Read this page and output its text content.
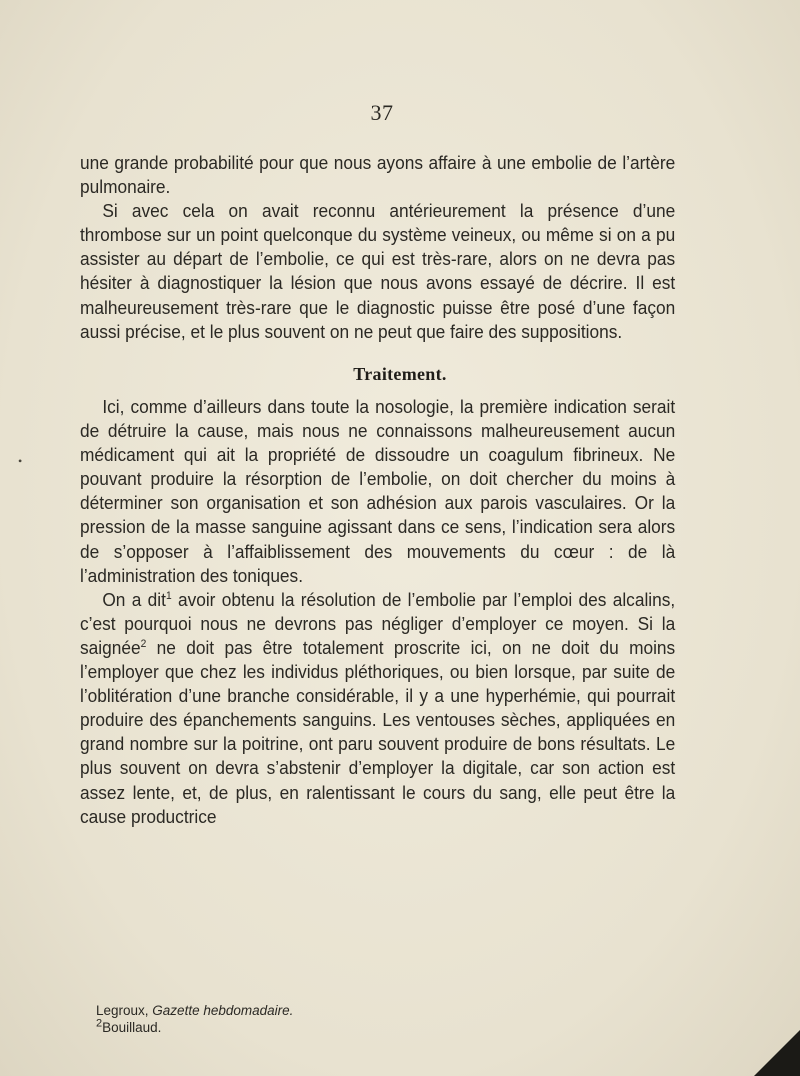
37

une grande probabilité pour que nous ayons affaire à une embolie de l’artère pulmonaire.

Si avec cela on avait reconnu antérieurement la présence d’une thrombose sur un point quelconque du système veineux, ou même si on a pu assister au départ de l’embolie, ce qui est très-rare, alors on ne devra pas hésiter à diagnostiquer la lésion que nous avons essayé de décrire. Il est malheureusement très-rare que le diagnostic puisse être posé d’une façon aussi précise, et le plus souvent on ne peut que faire des suppositions.

Traitement.
•

Ici, comme d’ailleurs dans toute la nosologie, la première indication serait de détruire la cause, mais nous ne connaissons malheureusement aucun médicament qui ait la propriété de dissoudre un coagulum fibrineux. Ne pouvant produire la résorption de l’embolie, on doit chercher du moins à déterminer son organisation et son adhésion aux parois vasculaires. Or la pression de la masse sanguine agissant dans ce sens, l’indication sera alors de s’opposer à l’affaiblissement des mouvements du cœur : de là l’administration des toniques.

On a dit$^1$ avoir obtenu la résolution de l’embolie par l’emploi des alcalins, c’est pourquoi nous ne devrons pas négliger d’employer ce moyen. Si la saignée$^2$ ne doit pas être totalement proscrite ici, on ne doit du moins l’employer que chez les individus pléthoriques, ou bien lorsque, par suite de l’oblitération d’une branche considérable, il y a une hyperhémie, qui pourrait produire des épanchements sanguins. Les ventouses sèches, appliquées en grand nombre sur la poitrine, ont paru souvent produire de bons résultats. Le plus souvent on devra s’abstenir d’employer la digitale, car son action est assez lente, et, de plus, en ralentissant le cours du sang, elle peut être la cause productrice

Legroux, Gazette hebdomadaire.
$^2$Bouillaud.
